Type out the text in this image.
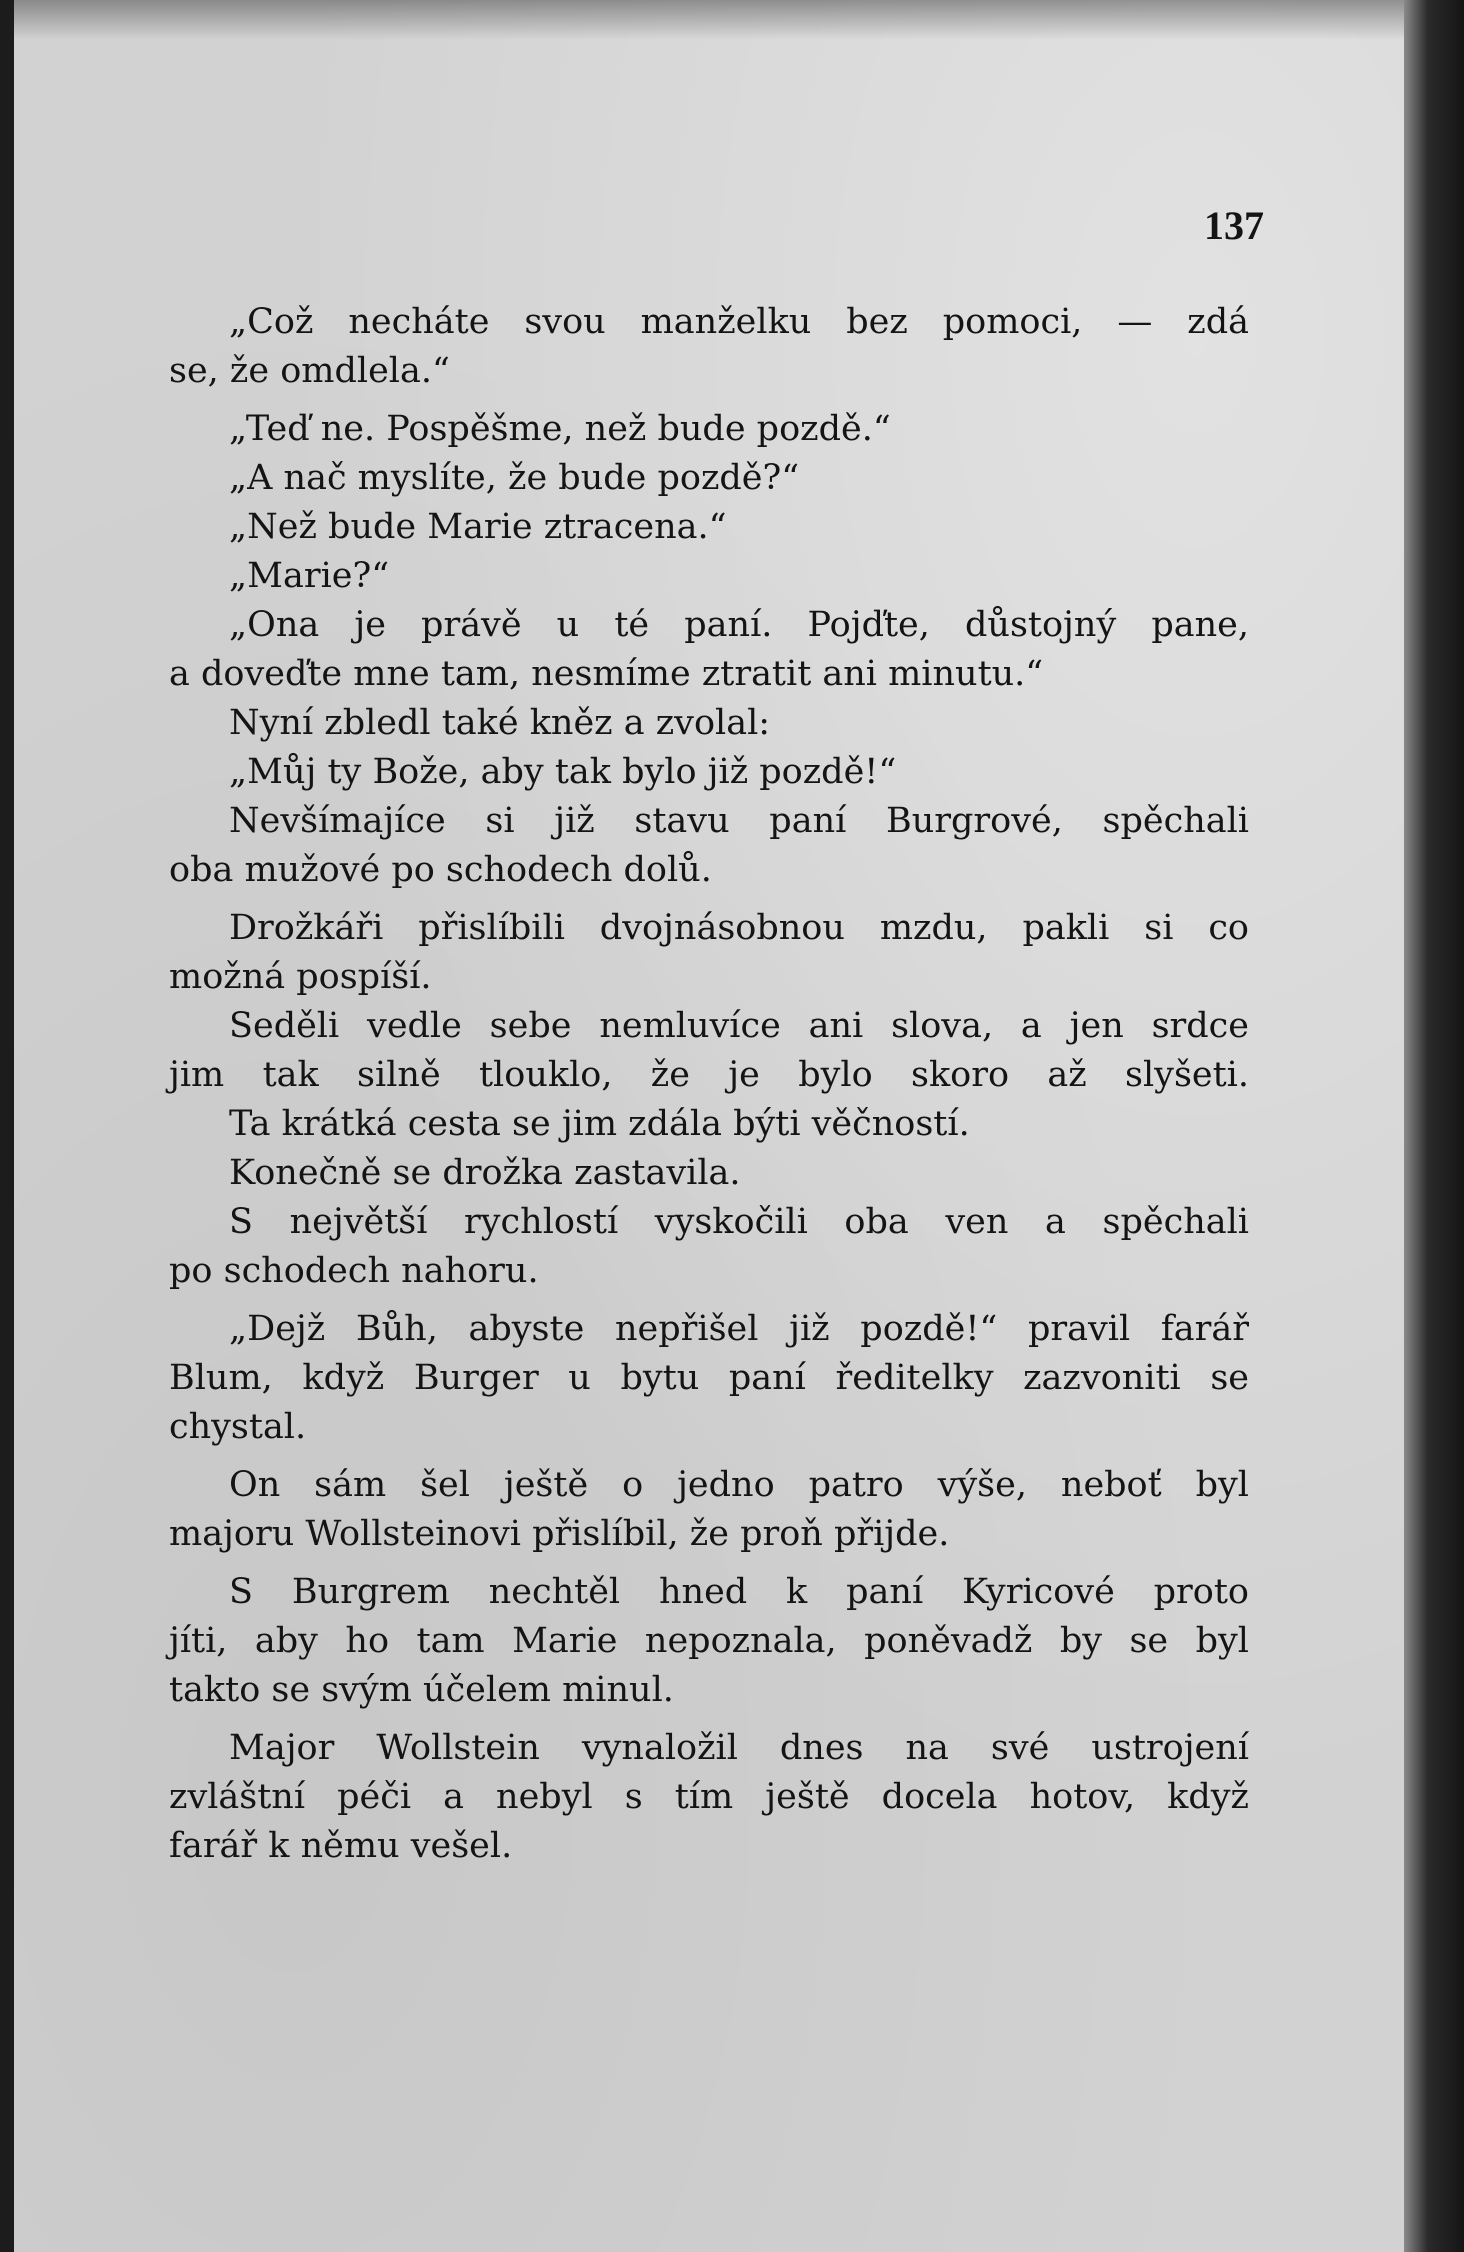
137
„Což necháte svou manželku bez pomoci, — zdá
se, že omdlela.“
„Teď ne. Pospěšme, než bude pozdě.“
„A nač myslíte, že bude pozdě?“
„Než bude Marie ztracena.“
„Marie?“
„Ona je právě u té paní. Pojďte, důstojný pane,
a doveďte mne tam, nesmíme ztratit ani minutu.“
Nyní zbledl také kněz a zvolal:
„Můj ty Bože, aby tak bylo již pozdě!“
Nevšímajíce si již stavu paní Burgrové, spěchali
oba mužové po schodech dolů.
Drožkáři přislíbili dvojnásobnou mzdu, pakli si co
možná pospíší.
Seděli vedle sebe nemluvíce ani slova, a jen srdce
jim tak silně tlouklo, že je bylo skoro až slyšeti.
Ta krátká cesta se jim zdála býti věčností.
Konečně se drožka zastavila.
S největší rychlostí vyskočili oba ven a spěchali
po schodech nahoru.
„Dejž Bůh, abyste nepřišel již pozdě!“ pravil farář
Blum, když Burger u bytu paní ředitelky zazvoniti se
chystal.
On sám šel ještě o jedno patro výše, neboť byl
majoru Wollsteinovi přislíbil, že proň přijde.
S Burgrem nechtěl hned k paní Kyricové proto
jíti, aby ho tam Marie nepoznala, poněvadž by se byl
takto se svým účelem minul.
Major Wollstein vynaložil dnes na své ustrojení
zvláštní péči a nebyl s tím ještě docela hotov, když
farář k němu vešel.
